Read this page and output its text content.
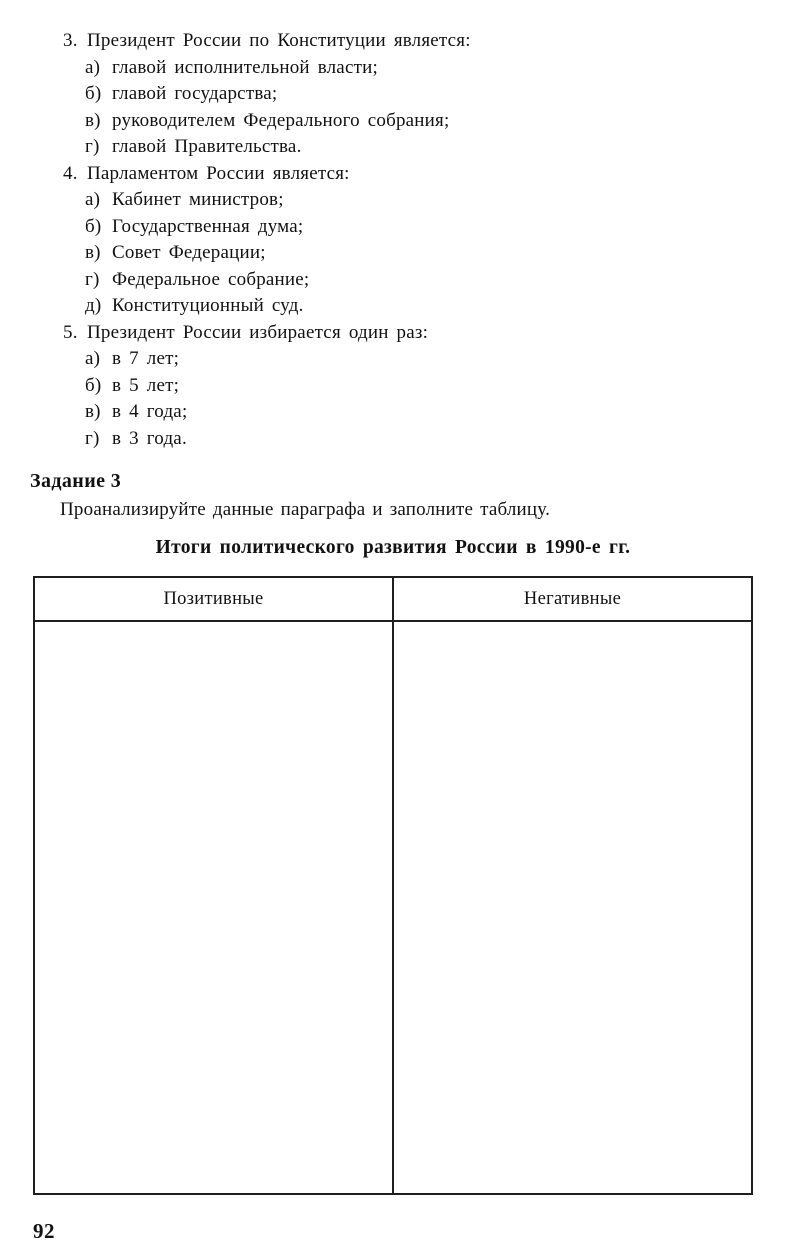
3. Президент России по Конституции является:
а) главой исполнительной власти;
б) главой государства;
в) руководителем Федерального собрания;
г) главой Правительства.
4. Парламентом России является:
а) Кабинет министров;
б) Государственная дума;
в) Совет Федерации;
г) Федеральное собрание;
д) Конституционный суд.
5. Президент России избирается один раз:
а) в 7 лет;
б) в 5 лет;
в) в 4 года;
г) в 3 года.
Задание 3
Проанализируйте данные параграфа и заполните таблицу.
Итоги политического развития России в 1990-е гг.
Позитивные	Негативные

92
